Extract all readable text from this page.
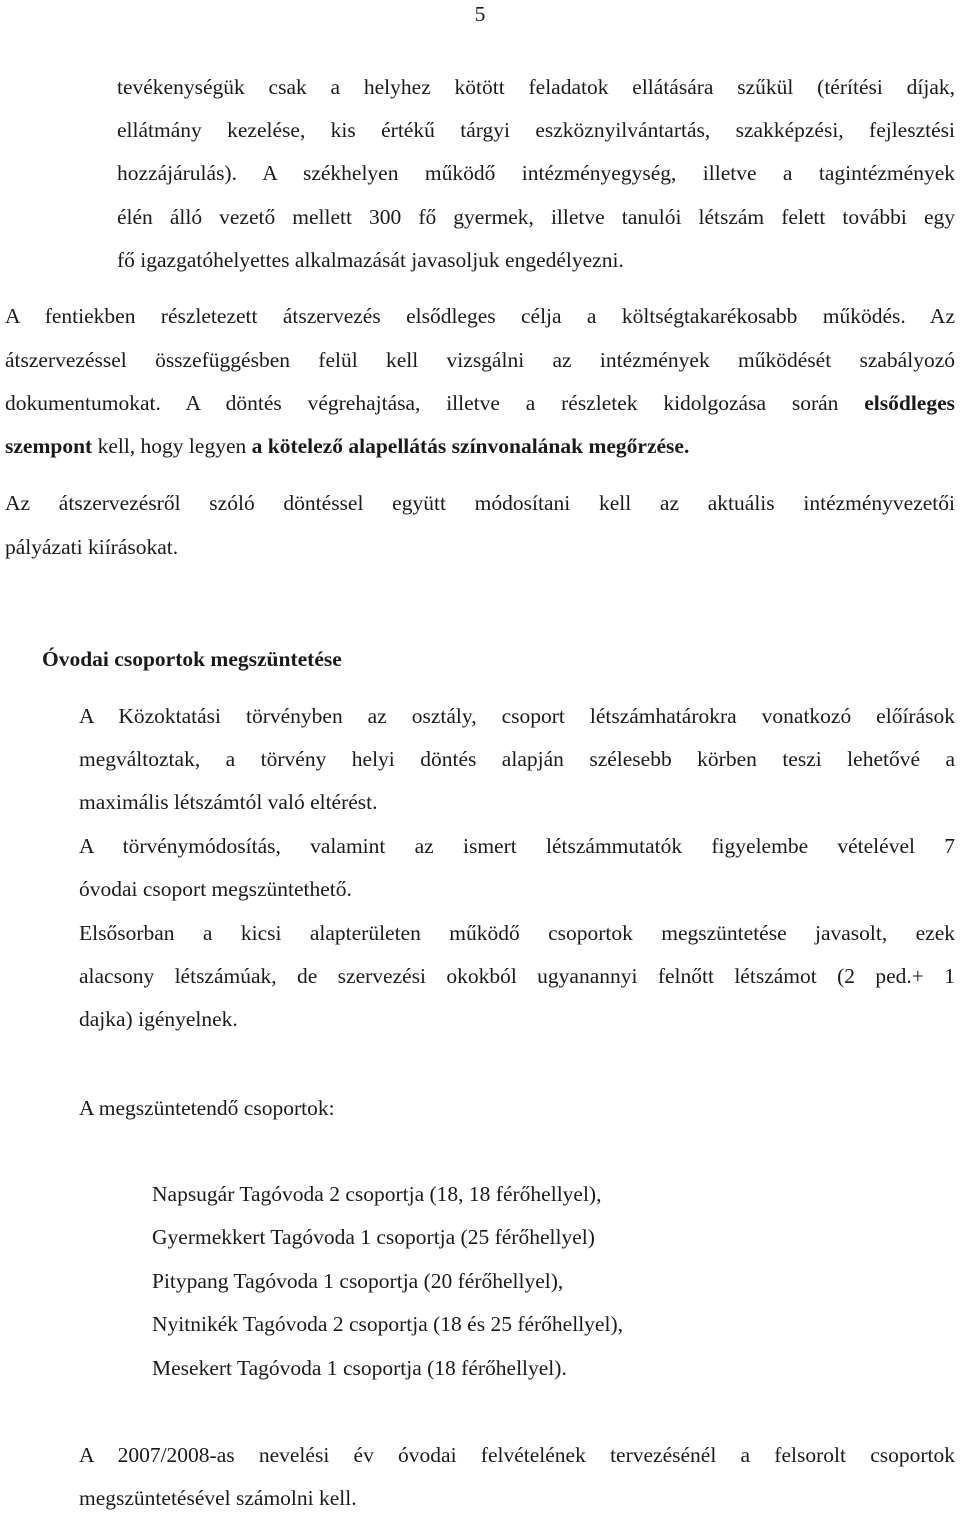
5
tevékenységük csak a helyhez kötött feladatok ellátására szűkül (térítési díjak,
ellátmány kezelése, kis értékű tárgyi eszköznyilvántartás, szakképzési, fejlesztési
hozzájárulás). A székhelyen működő intézményegység, illetve a tagintézmények
élén álló vezető mellett 300 fő gyermek, illetve tanulói létszám felett további egy
fő igazgatóhelyettes alkalmazását javasoljuk engedélyezni.
A fentiekben részletezett átszervezés elsődleges célja a költségtakarékosabb működés. Az
átszervezéssel összefüggésben felül kell vizsgálni az intézmények működését szabályozó
dokumentumokat. A döntés végrehajtása, illetve a részletek kidolgozása során elsődleges
szempont kell, hogy legyen a kötelező alapellátás színvonalának megőrzése.
Az átszervezésről szóló döntéssel együtt módosítani kell az aktuális intézményvezetői
pályázati kiírásokat.
Óvodai csoportok megszüntetése
A Közoktatási törvényben az osztály, csoport létszámhatárokra vonatkozó előírások
megváltoztak, a törvény helyi döntés alapján szélesebb körben teszi lehetővé a
maximális létszámtól való eltérést.
A törvénymódosítás, valamint az ismert létszámmutatók figyelembe vételével 7
óvodai csoport megszüntethető.
Elsősorban a kicsi alapterületen működő csoportok megszüntetése javasolt, ezek
alacsony létszámúak, de szervezési okokból ugyanannyi felnőtt létszámot (2 ped.+ 1
dajka) igényelnek.
A megszüntetendő csoportok:
Napsugár Tagóvoda 2 csoportja (18, 18 férőhellyel),
Gyermekkert Tagóvoda 1 csoportja (25 férőhellyel)
Pitypang Tagóvoda 1 csoportja (20 férőhellyel),
Nyitnikék Tagóvoda 2 csoportja (18 és 25 férőhellyel),
Mesekert Tagóvoda 1 csoportja (18 férőhellyel).
A 2007/2008-as nevelési év óvodai felvételének tervezésénél a felsorolt csoportok
megszüntetésével számolni kell.
